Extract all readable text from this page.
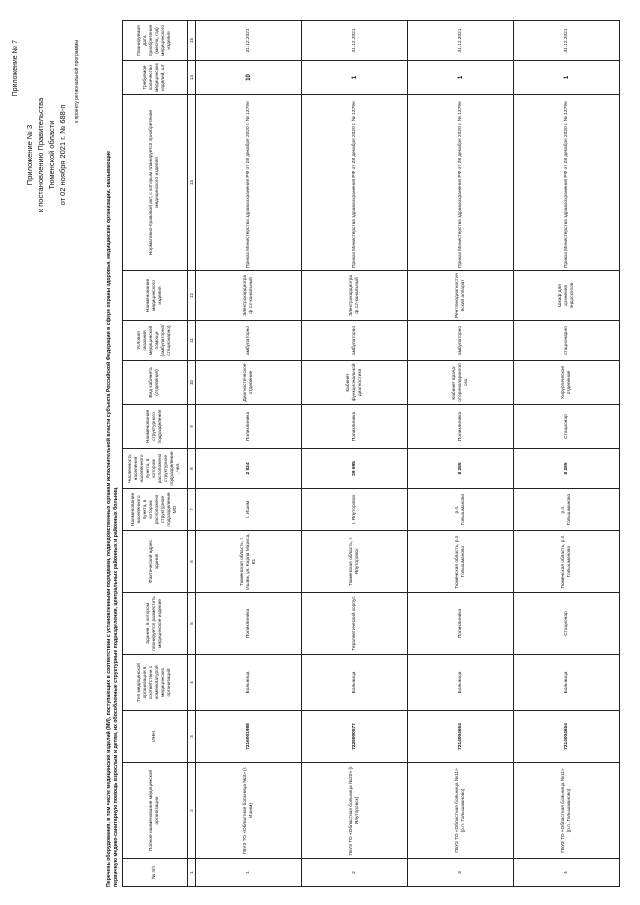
Приложение № 7
Приложение № 3 к постановлению Правительства Тюменской области от 02 ноября 2021 г. № 688-п
к проекту региональной программы
Перечень оборудования, в том числе медицинских изделий (МИ), поступающих в соответствии с установленными порядками, подведомственных органам исполнительной власти субъекта Российской Федерации в сфере охраны здоровья, медицинские организации, оказывающие первичную медико-санитарную помощь взрослым и детям, их обособленные структурные подразделения, центральных районных и районных больниц	№ п/п	Полное наименование медицинской организации	ИНН	Тип медицинской организации в соответствии с номенклатурой медицинских организаций	Здание, в котором планируется разместить медицинское изделие	Фактический адрес здания	Наименование населенного пункта, в котором расположено структурное подразделение МО	Численность населения населенного пункта, в котором расположено структурное подразделение, чел.	Наименование структурного подразделения	Вид кабинета (отделения)	Условия оказания медицинской помощи (амбулаторно/стационарно)	Наименование медицинского изделия	Нормативно-правовой акт, с которым планируется приобретение медицинского изделия	Требуемое количество медицинских изделий, шт	Планируемая дата приобретения (месяц, год) медицинского изделия
1	2	3	4	5	6	7	8	9	10	11	12	13	14	15
1	ГБУЗ ТО «Областная больница №3» (г. Ишим)	7216001988	Больница	Поликлиника	Тюменская область, г. Ишим, ул. Карла Маркса, 81	г. Ишим	2 824	Поликлиника	Диагностическое отделение	амбулаторно	Электрокардиограф 12-канальный	Приказ Министерства здравоохранения РФ от 28 декабря 2020 г. № 1379н	10	31.12.2021
2	ГБУЗ ТО «Областная больница №20» (г. Ялуторовск)	7228000577	Больница	Терапевтический корпус	Тюменская область, г. Ялуторовск	г. Ялуторовск	39 695	Поликлиника	Кабинет функциональной диагностики	амбулаторно	Электрокардиограф 12-канальный	Приказ Министерства здравоохранения РФ от 28 декабря 2020 г. № 1379н	1	31.12.2021
3	ГБУЗ ТО «Областная больница №11» (р.п. Голышманово)	7214004654	Больница	Поликлиника	Тюменская область, р.п. Голышманово	р.п. Голышманово	8 285	Поликлиника	Кабинет врача-оториноларинголога	амбулаторно	Рентгенодиагностический аппарат	Приказ Министерства здравоохранения РФ от 28 декабря 2020 г. № 1379н	1	31.12.2021
4	ГБУЗ ТО «Областная больница №11» (р.п. Голышманово)	7214004654	Больница	Стационар	Тюменская область, р.п. Голышманово	р.п. Голышманово	8 285	Стационар	Хирургическое отделение	стационарно	Шкаф для хранения эндоскопов	Приказ Министерства здравоохранения РФ от 28 декабря 2020 г. № 1379н	1	31.12.2021
